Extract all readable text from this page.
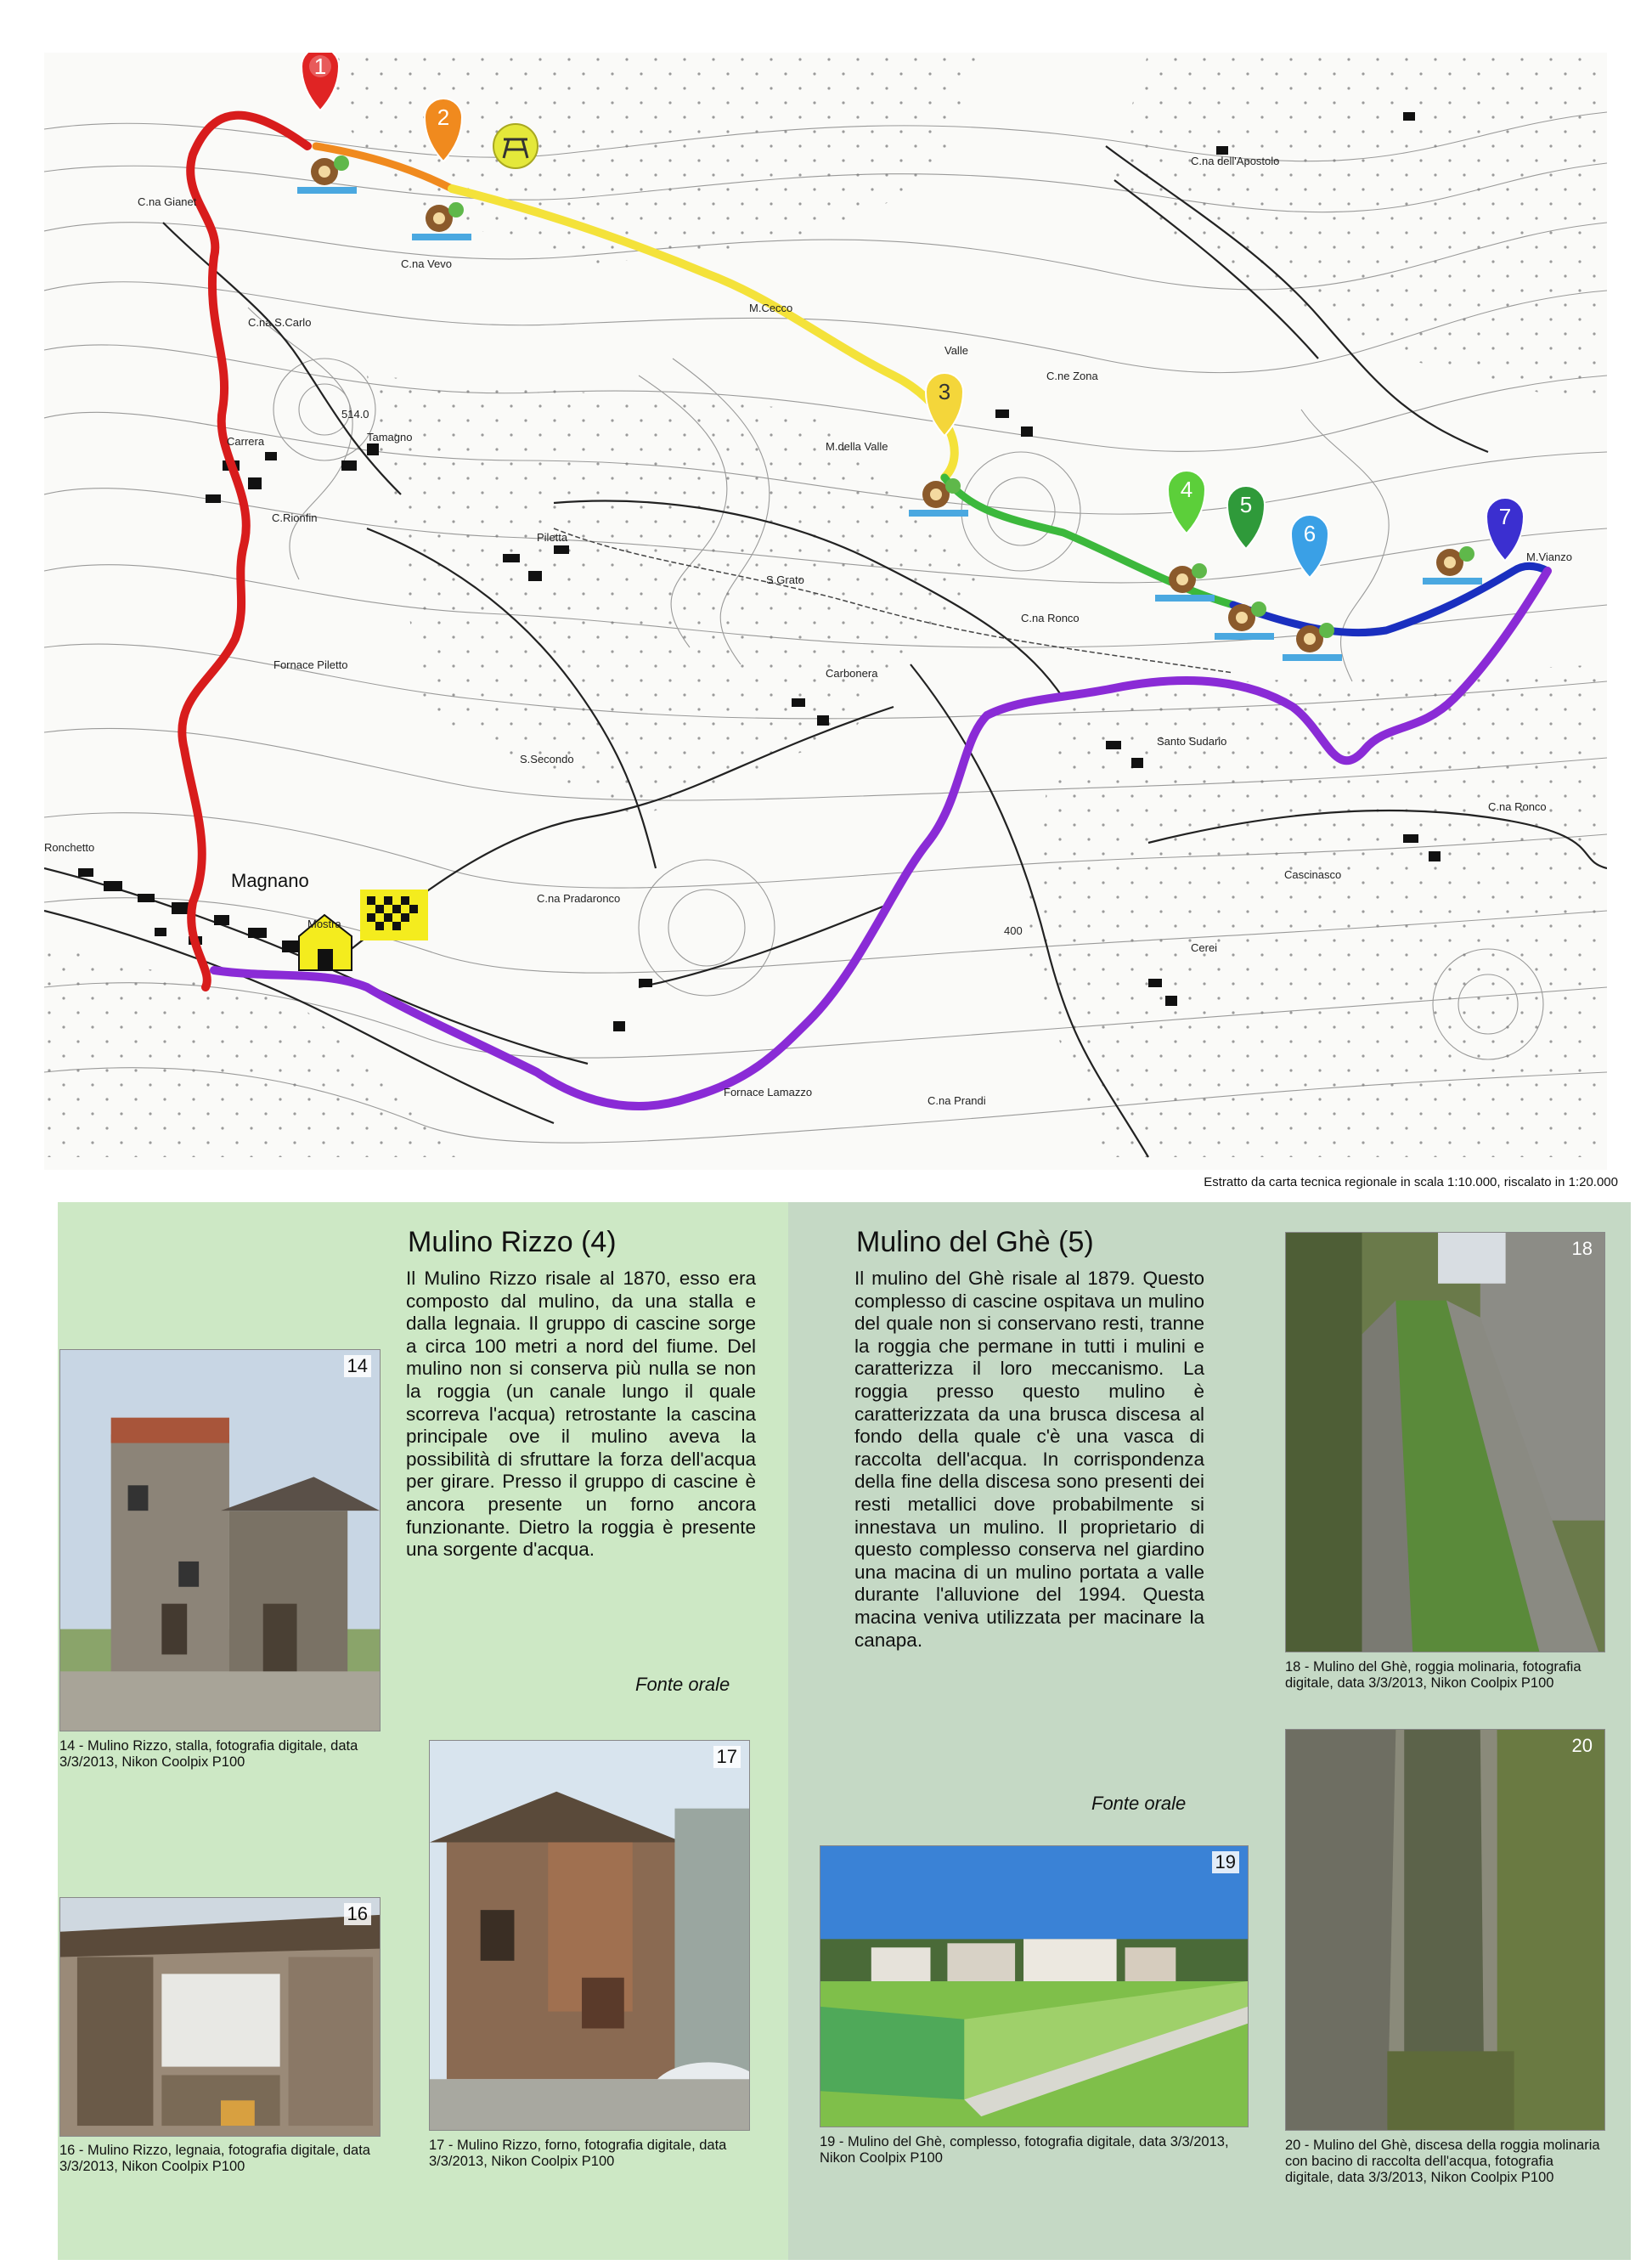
1
2
3
4
5
6
7
C.na Gianet
C.na Vevo
C.na S.Carlo
514.0
Tamagno
Carrera
C.Rionfin
Piletta
Fornace Piletto
Magnano
Mostra
Ronchetto
M.Cecco
Valle
C.ne Zona
C.na dell'Apostolo
M.della Valle
S.Grato
C.na Ronco
Carbonera
S.Secondo
Santo Sudario
C.na Pradaronco
C.na Ronco
Cascinasco
Cerei
400
Fornace Lamazzo
C.na Prandi
M.Vianzo
Estratto da carta tecnica regionale in scala 1:10.000, riscalato in 1:20.000
Mulino Rizzo (4)
Il Mulino Rizzo risale al 1870, esso era composto dal mulino, da una stalla e dalla legnaia. Il gruppo di cascine sorge a circa 100 metri a nord del fiume. Del mulino non si conserva più nulla se non la roggia (un canale lungo il quale scorreva l'acqua) retrostante la cascina principale ove il mulino aveva la possibilità di sfruttare la forza dell'acqua per girare. Presso il gruppo di cascine è ancora presente un forno ancora funzionante. Dietro la roggia è presente una sorgente d'acqua.
Fonte orale
14
14 - Mulino Rizzo, stalla, fotografia digitale, data 3/3/2013, Nikon Coolpix P100
16
16 - Mulino Rizzo, legnaia, fotografia digitale, data 3/3/2013, Nikon Coolpix P100
17
17 - Mulino Rizzo, forno, fotografia digitale, data 3/3/2013, Nikon Coolpix P100
Mulino del Ghè (5)
Il mulino del Ghè risale al 1879. Questo complesso di cascine ospitava un mulino del quale non si conservano resti, tranne la roggia che permane in tutti i mulini e caratterizza il loro meccanismo. La roggia presso questo mulino è caratterizzata da una brusca discesa al fondo della quale c'è una vasca di raccolta dell'acqua. In corrispondenza della fine della discesa sono presenti dei resti metallici dove probabilmente si innestava un mulino. Il proprietario di questo complesso conserva nel giardino una macina di un mulino portata a valle durante l'alluvione del 1994. Questa macina veniva utilizzata per macinare la canapa.
Fonte orale
18
18 - Mulino del Ghè, roggia molinaria, fotografia digitale, data 3/3/2013, Nikon Coolpix P100
19
19 - Mulino del Ghè, complesso, fotografia digitale, data 3/3/2013, Nikon Coolpix P100
20
20 - Mulino del Ghè, discesa della roggia molinaria con bacino di raccolta dell'acqua, fotografia digitale, data 3/3/2013, Nikon Coolpix P100
